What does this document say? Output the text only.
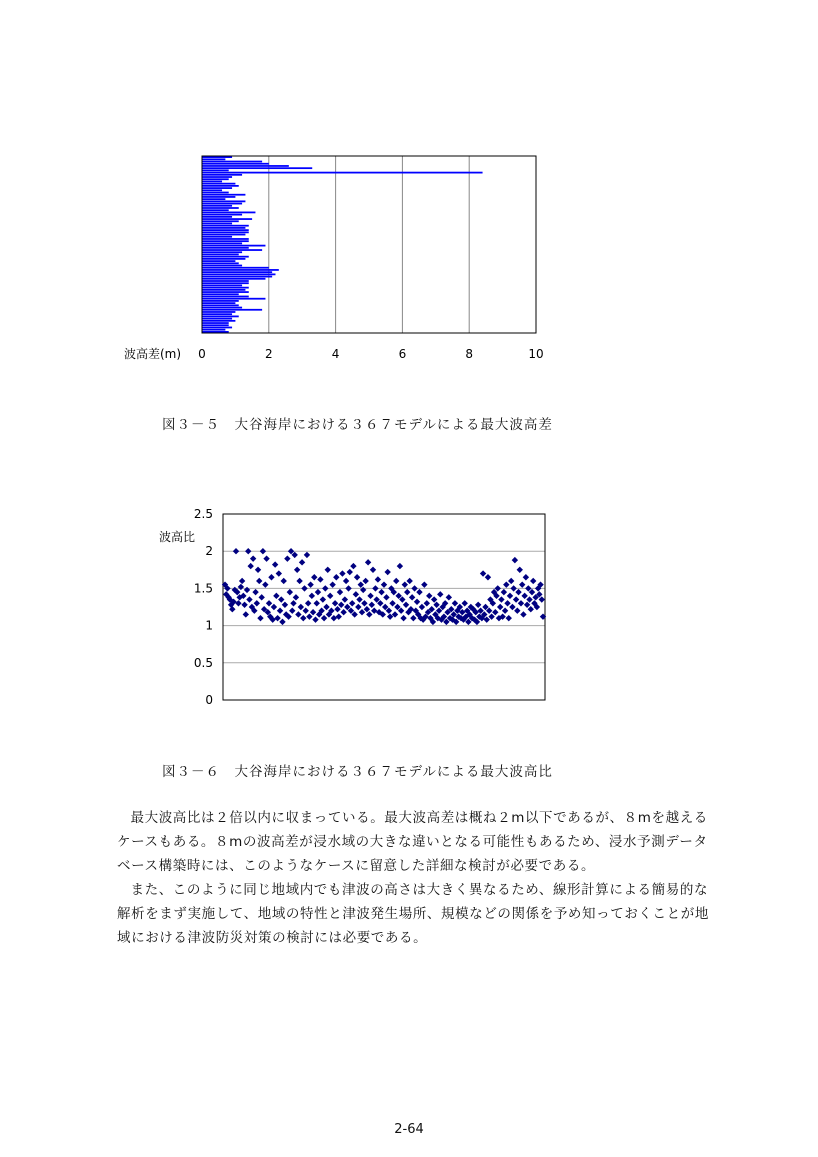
波高差(m) 0	2	4	6	8	10
図３－５　大谷海岸における３６７モデルによる最大波高差
2.5
2
1.5
1
0.5
0
波高比
図３－６　大谷海岸における３６７モデルによる最大波高比

最大波高比は２倍以内に収まっている。最大波高差は概ね２m以下であるが、８mを越えるケースもある。８mの波高差が浸水域の大きな違いとなる可能性もあるため、浸水予測データベース構築時には、このようなケースに留意した詳細な検討が必要である。

また、このように同じ地域内でも津波の高さは大きく異なるため、線形計算による簡易的な解析をまず実施して、地域の特性と津波発生場所、規模などの関係を予め知っておくことが地域における津波防災対策の検討には必要である。

2-64
